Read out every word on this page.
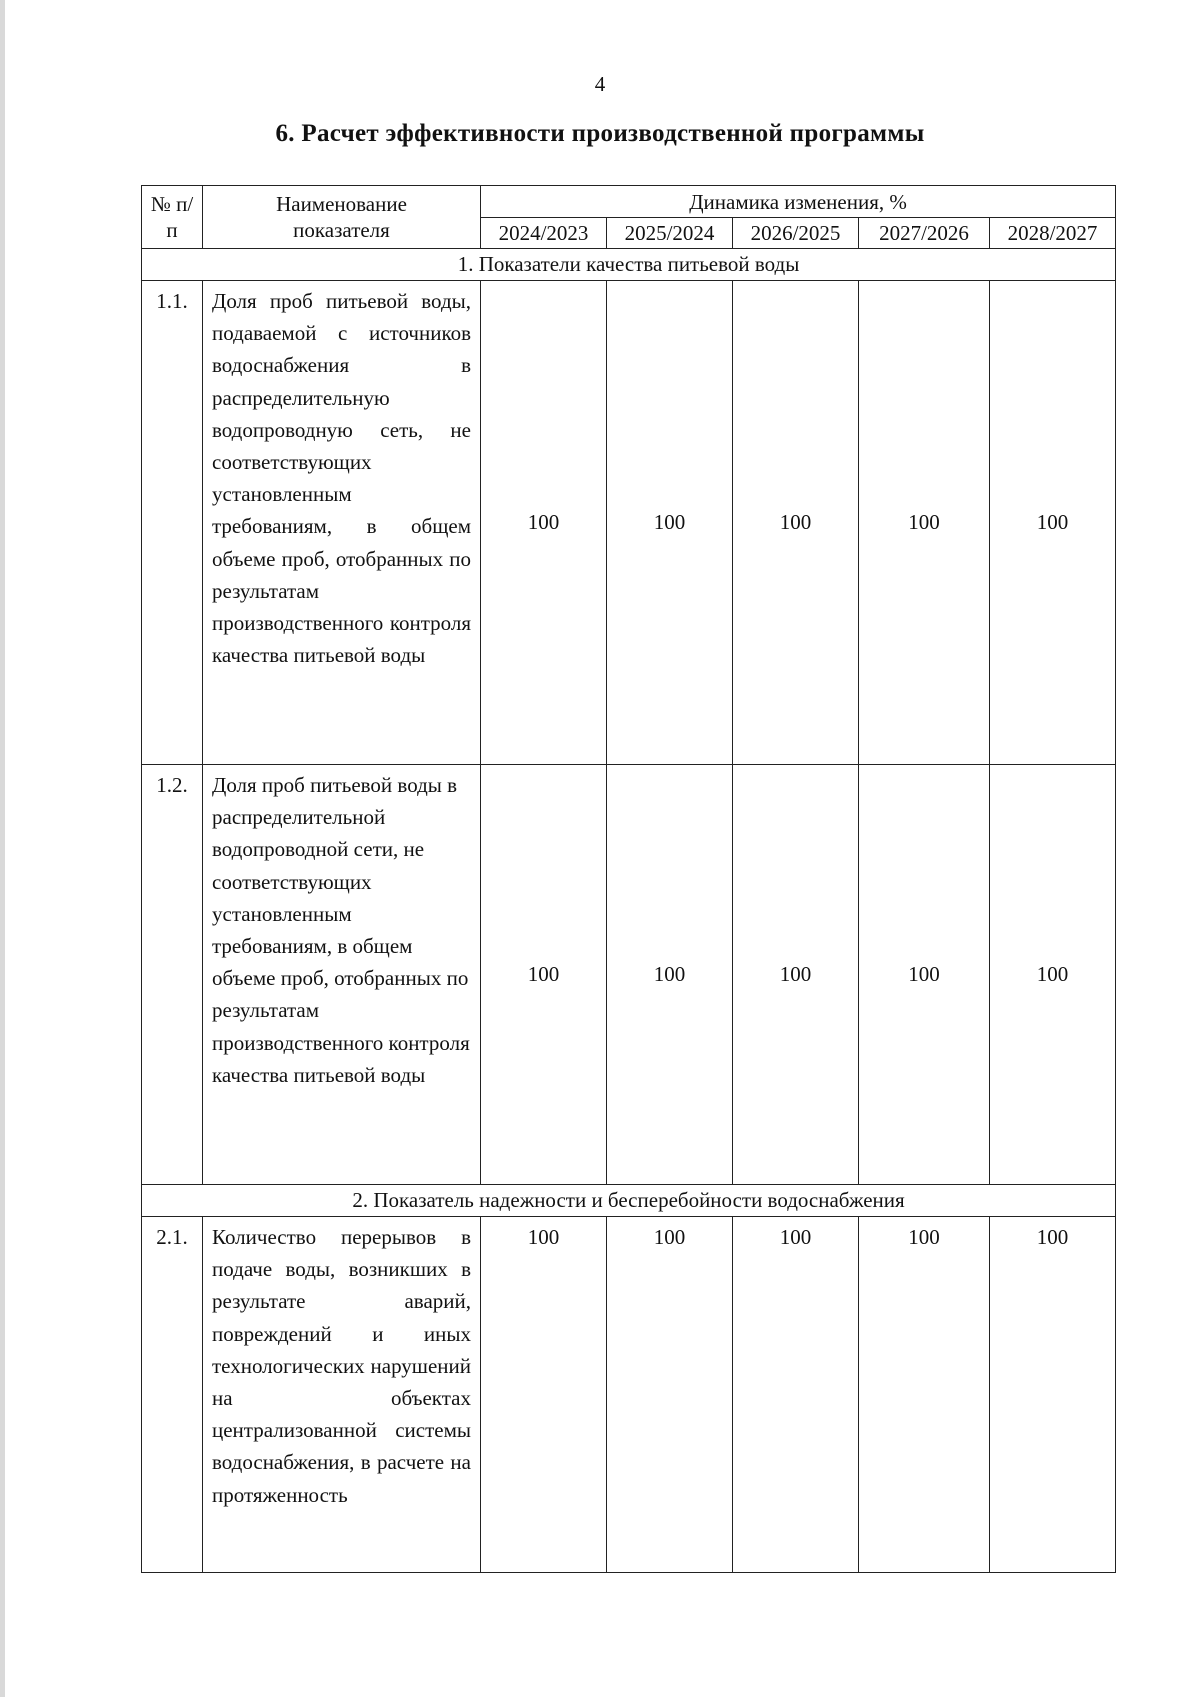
4
6. Расчет эффективности производственной программы
№ п/п	Наименование показателя	Динамика изменения, %				
		2024/2023	2025/2024	2026/2025	2027/2026	2028/2027
1. Показатели качества питьевой воды						
1.1.	Доля проб питьевой воды, подаваемой с источников водоснабжения в распределительную водопроводную сеть, не соответствующих установленным требованиям, в общем объеме проб, отобранных по результатам производственного контроля качества питьевой воды	100	100	100	100	100
1.2.	Доля проб питьевой воды в распределительной водопроводной сети, не соответствующих установленным требованиям, в общем объеме проб, отобранных по результатам производственного контроля качества питьевой воды	100	100	100	100	100
2. Показатель надежности и бесперебойности водоснабжения						
2.1.	Количество перерывов в подаче воды, возникших в результате аварий, повреждений и иных технологических нарушений на объектах централизованной системы водоснабжения, в расчете на протяженность	100	100	100	100	100
